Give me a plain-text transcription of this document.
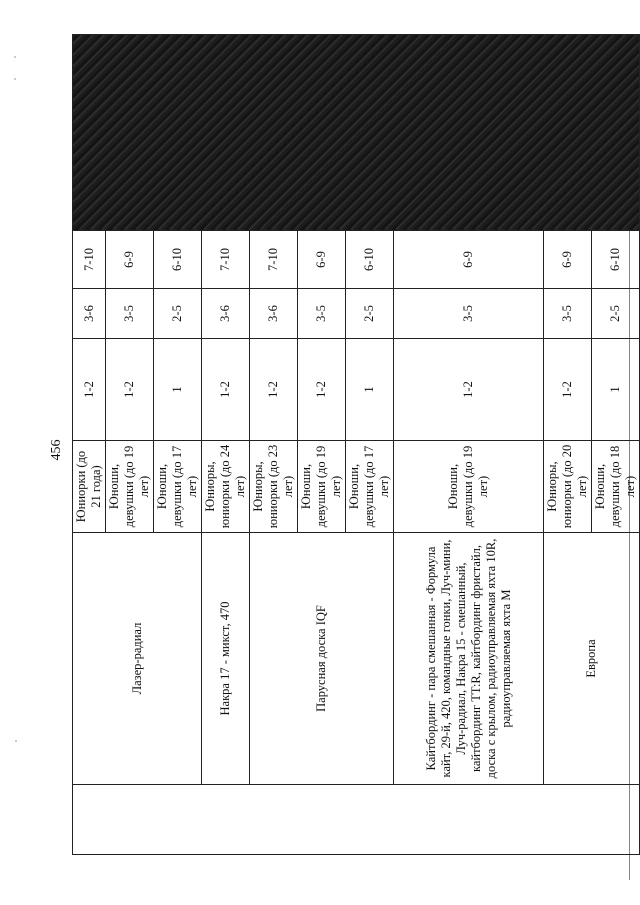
456
	Лазер-радиал	Юниорки (до 21 года)	1-2	3-6	7-10	
		Юноши, девушки (до 19 лет)	1-2	3-5	6-9	
		Юноши, девушки (до 17 лет)	1	2-5	6-10	
	Накра 17 - микст, 470	Юниоры, юниорки (до 24 лет)	1-2	3-6	7-10	
	Парусная доска IQF	Юниоры, юниорки (до 23 лет)	1-2	3-6	7-10	
		Юноши, девушки (до 19 лет)	1-2	3-5	6-9	
		Юноши, девушки (до 17 лет)	1	2-5	6-10	
	Кайтбординг - пара смешанная - Формула кайт, 29-й, 420, командные гонки, Луч-мини, Луч-радиал, Накра 15 - смешанный, кайтбординг TT:R, кайтбординг фристайл, доска с крылом, радиоуправляемая яхта 10R, радиоуправляемая яхта M	Юноши, девушки (до 19 лет)	1-2	3-5	6-9	
	Европа	Юниоры, юниорки (до 20 лет)	1-2	3-5	6-9	
		Юноши, девушки (до 18 лет)	1	2-5	6-10	
